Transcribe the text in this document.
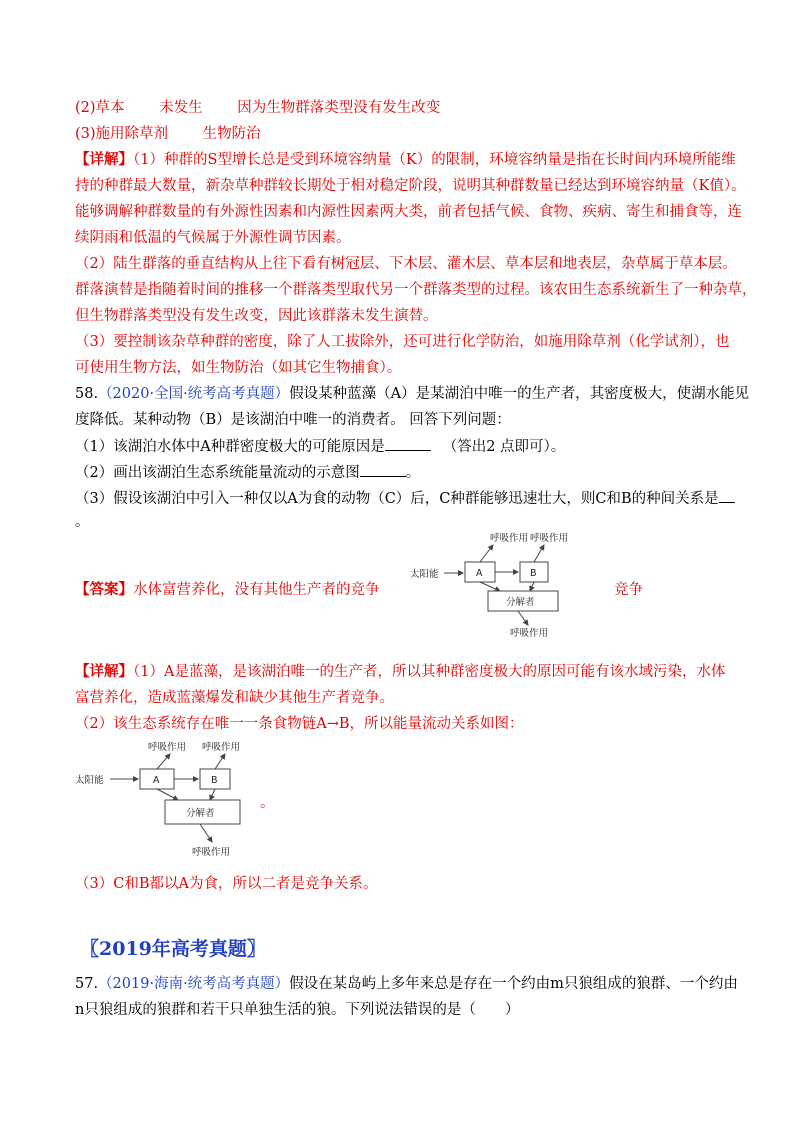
(2)草本 未发生 因为生物群落类型没有发生改变
(3)施用除草剂 生物防治
【详解】（1）种群的S型增长总是受到环境容纳量（K）的限制，环境容纳量是指在长时间内环境所能维
持的种群最大数量，新杂草种群较长期处于相对稳定阶段，说明其种群数量已经达到环境容纳量（K值）。
能够调解种群数量的有外源性因素和内源性因素两大类，前者包括气候、食物、疾病、寄生和捕食等，连
续阴雨和低温的气候属于外源性调节因素。
（2）陆生群落的垂直结构从上往下看有树冠层、下木层、灌木层、草本层和地表层，杂草属于草本层。
群落演替是指随着时间的推移一个群落类型取代另一个群落类型的过程。该农田生态系统新生了一种杂草，
但生物群落类型没有发生改变，因此该群落未发生演替。
（3）要控制该杂草种群的密度，除了人工拔除外，还可进行化学防治，如施用除草剂（化学试剂），也
可使用生物方法，如生物防治（如其它生物捕食）。
58.（2020·全国·统考高考真题）假设某种蓝藻（A）是某湖泊中唯一的生产者，其密度极大，使湖水能见
度降低。某种动物（B）是该湖泊中唯一的消费者。 回答下列问题：
（1）该湖泊水体中A种群密度极大的可能原因是	（答出2 点即可）。
（2）画出该湖泊生态系统能量流动的示意图	。
（3）假设该湖泊中引入一种仅以A为食的动物（C）后，C种群能够迅速壮大，则C和B的种间关系是
。
【答案】水体富营养化，没有其他生产者的竞争	竞争
呼吸作用 呼吸作用
太阳能	A	B
分解者
呼吸作用
【详解】（1）A是蓝藻，是该湖泊唯一的生产者，所以其种群密度极大的原因可能有该水域污染，水体
富营养化，造成蓝藻爆发和缺少其他生产者竞争。
（2）该生态系统存在唯一一条食物链A→B，所以能量流动关系如图：
呼吸作用 呼吸作用
太阳能	A	B
分解者
呼吸作用
。
（3）C和B都以A为食，所以二者是竞争关系。
〖2019年高考真题〗
57.（2019·海南·统考高考真题）假设在某岛屿上多年来总是存在一个约由m只狼组成的狼群、一个约由
n只狼组成的狼群和若干只单独生活的狼。下列说法错误的是（　　）
